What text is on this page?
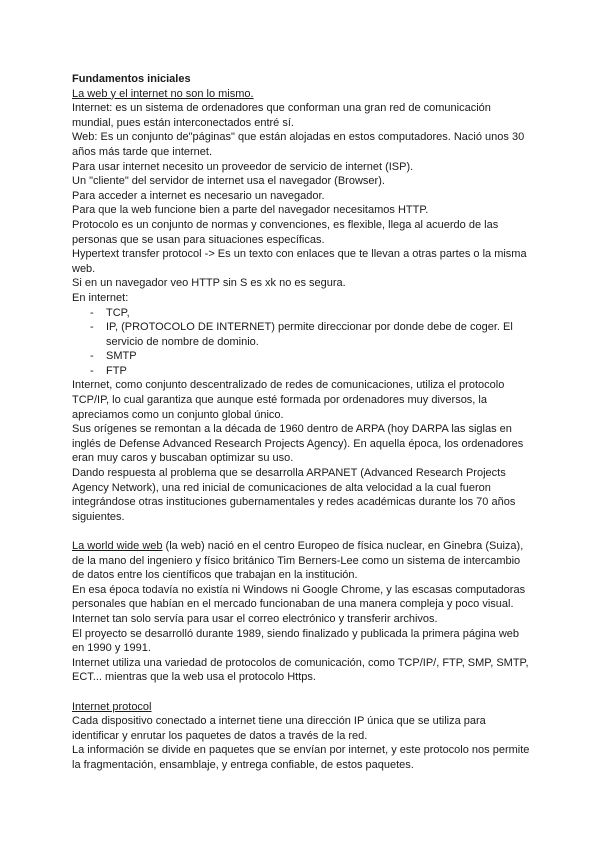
Fundamentos iniciales

La web y el internet no son lo mismo.

Internet: es un sistema de ordenadores que conforman una gran red de comunicación mundial, pues están interconectados entré sí.

Web: Es un conjunto de"páginas" que están alojadas en estos computadores. Nació unos 30 años más tarde que internet.

Para usar internet necesito un proveedor de servicio de internet (ISP).

Un "cliente" del servidor de internet usa el navegador (Browser).

Para acceder a internet es necesario un navegador.

Para que la web funcione bien a parte del navegador necesitamos HTTP.

Protocolo es un conjunto de normas y convenciones, es flexible, llega al acuerdo de las personas que se usan para situaciones específicas.

Hypertext transfer protocol -> Es un texto con enlaces que te llevan a otras partes o la misma web.

Si en un navegador veo HTTP sin S es xk no es segura.

En internet:

- TCP,
- IP, (PROTOCOLO DE INTERNET) permite direccionar por donde debe de coger. El servicio de nombre de dominio.
- SMTP
- FTP

Internet, como conjunto descentralizado de redes de comunicaciones, utiliza el protocolo TCP/IP, lo cual garantiza que aunque esté formada por ordenadores muy diversos, la apreciamos como un conjunto global único.

Sus orígenes se remontan a la década de 1960 dentro de ARPA (hoy DARPA las siglas en inglés de Defense Advanced Research Projects Agency). En aquella época, los ordenadores eran muy caros y buscaban optimizar su uso.

Dando respuesta al problema que se desarrolla ARPANET (Advanced Research Projects Agency Network), una red inicial de comunicaciones de alta velocidad a la cual fueron integrándose otras instituciones gubernamentales y redes académicas durante los 70 años siguientes.

La world wide web (la web) nació en el centro Europeo de física nuclear, en Ginebra (Suiza), de la mano del ingeniero y físico británico Tim Berners-Lee como un sistema de intercambio de datos entre los científicos que trabajan en la institución.

En esa época todavía no existía ni Windows ni Google Chrome, y las escasas computadoras personales que habían en el mercado funcionaban de una manera compleja y poco visual. Internet tan solo servía para usar el correo electrónico y transferir archivos.

El proyecto se desarrolló durante 1989, siendo finalizado y publicada la primera página web en 1990 y 1991.

Internet utiliza una variedad de protocolos de comunicación, como TCP/IP/, FTP, SMP, SMTP, ECT... mientras que la web usa el protocolo Https.

Internet protocol

Cada dispositivo conectado a internet tiene una dirección IP única que se utiliza para identificar y enrutar los paquetes de datos a través de la red.

La información se divide en paquetes que se envían por internet, y este protocolo nos permite la fragmentación, ensamblaje, y entrega confiable, de estos paquetes.
